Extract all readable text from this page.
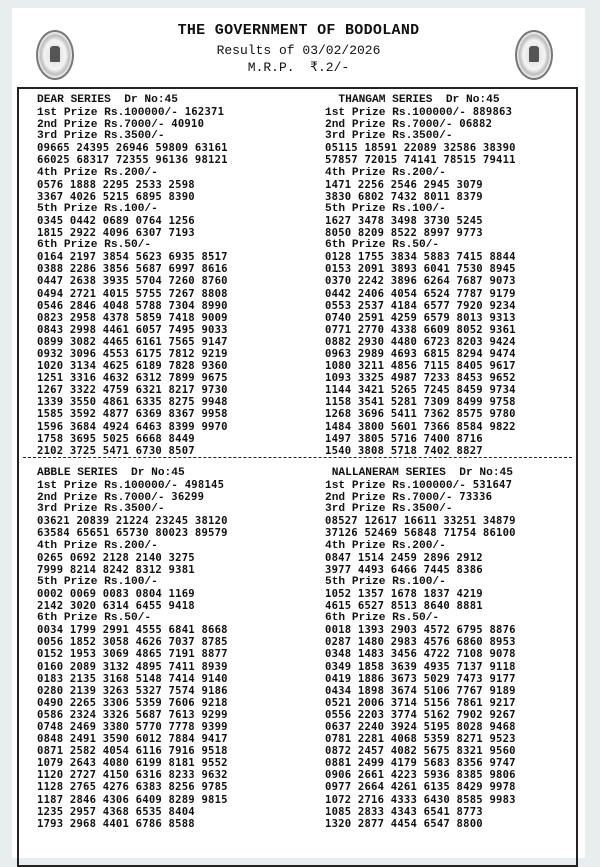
THE GOVERNMENT OF BODOLAND
Results of 03/02/2026
M.R.P.  ₹.2/-
DEAR SERIES  Dr No:45
1st Prize Rs.100000/- 162371
2nd Prize Rs.7000/- 40910
3rd Prize Rs.3500/-
09665 24395 26946 59809 63161
66025 68317 72355 96136 98121
4th Prize Rs.200/-
0576 1888 2295 2533 2598
3367 4026 5215 6895 8390
5th Prize Rs.100/-
0345 0442 0689 0764 1256
1815 2922 4096 6307 7193
6th Prize Rs.50/-
0164 2197 3854 5623 6935 8517
0388 2286 3856 5687 6997 8616
0447 2638 3935 5704 7260 8760
0494 2721 4015 5755 7267 8808
0546 2846 4048 5788 7304 8990
0823 2958 4378 5859 7418 9009
0843 2998 4461 6057 7495 9033
0899 3082 4465 6161 7565 9147
0932 3096 4553 6175 7812 9219
1020 3134 4625 6189 7828 9360
1251 3316 4632 6312 7899 9675
1267 3322 4759 6321 8217 9730
1339 3550 4861 6335 8275 9948
1585 3592 4877 6369 8367 9958
1596 3684 4924 6463 8399 9970
1758 3695 5025 6668 8449
2102 3725 5471 6730 8507
THANGAM SERIES  Dr No:45
1st Prize Rs.100000/- 889863
2nd Prize Rs.7000/- 06882
3rd Prize Rs.3500/-
05115 18591 22089 32586 38390
57857 72015 74141 78515 79411
4th Prize Rs.200/-
1471 2256 2546 2945 3079
3830 6802 7432 8011 8379
5th Prize Rs.100/-
1627 3478 3498 3730 5245
8050 8209 8522 8997 9773
6th Prize Rs.50/-
0128 1755 3834 5883 7415 8844
0153 2091 3893 6041 7530 8945
0370 2242 3896 6264 7687 9073
0442 2406 4054 6524 7787 9179
0553 2537 4184 6577 7920 9234
0740 2591 4259 6579 8013 9313
0771 2770 4338 6609 8052 9361
0882 2930 4480 6723 8203 9424
0963 2989 4693 6815 8294 9474
1080 3211 4856 7115 8405 9617
1093 3325 4987 7233 8453 9652
1144 3421 5265 7245 8459 9734
1158 3541 5281 7309 8499 9758
1268 3696 5411 7362 8575 9780
1484 3800 5601 7366 8584 9822
1497 3805 5716 7400 8716
1540 3808 5718 7402 8827
ABBLE SERIES  Dr No:45
1st Prize Rs.100000/- 498145
2nd Prize Rs.7000/- 36299
3rd Prize Rs.3500/-
03621 20839 21224 23245 38120
63584 65651 65730 80023 89579
4th Prize Rs.200/-
0265 0692 2128 2140 3275
7999 8214 8242 8312 9381
5th Prize Rs.100/-
0002 0069 0083 0804 1169
2142 3020 6314 6455 9418
6th Prize Rs.50/-
0034 1799 2991 4555 6841 8668
0056 1852 3058 4626 7037 8785
0152 1953 3069 4865 7191 8877
0160 2089 3132 4895 7411 8939
0183 2135 3168 5148 7414 9140
0280 2139 3263 5327 7574 9186
0490 2265 3306 5359 7606 9218
0586 2324 3326 5687 7613 9299
0748 2469 3380 5770 7778 9399
0848 2491 3590 6012 7884 9417
0871 2582 4054 6116 7916 9518
1079 2643 4080 6199 8181 9552
1120 2727 4150 6316 8233 9632
1128 2765 4276 6383 8256 9785
1187 2846 4306 6409 8289 9815
1235 2957 4368 6535 8404
1793 2968 4401 6786 8588
NALLANERAM SERIES  Dr No:45
1st Prize Rs.100000/- 531647
2nd Prize Rs.7000/- 73336
3rd Prize Rs.3500/-
08527 12617 16611 33251 34879
37126 52469 56848 71754 86100
4th Prize Rs.200/-
0847 1514 2459 2896 2912
3977 4493 6466 7445 8386
5th Prize Rs.100/-
1052 1357 1678 1837 4219
4615 6527 8513 8640 8881
6th Prize Rs.50/-
0018 1393 2903 4572 6795 8876
0287 1480 2983 4576 6860 8953
0348 1483 3456 4722 7108 9078
0349 1858 3639 4935 7137 9118
0419 1886 3673 5029 7473 9177
0434 1898 3674 5106 7767 9189
0521 2006 3714 5156 7861 9217
0556 2203 3774 5162 7902 9267
0637 2240 3924 5195 8028 9468
0781 2281 4068 5359 8271 9523
0872 2457 4082 5675 8321 9560
0881 2499 4179 5683 8356 9747
0906 2661 4223 5936 8385 9806
0977 2664 4261 6135 8429 9978
1072 2716 4333 6430 8585 9983
1085 2833 4343 6541 8773
1320 2877 4454 6547 8800
